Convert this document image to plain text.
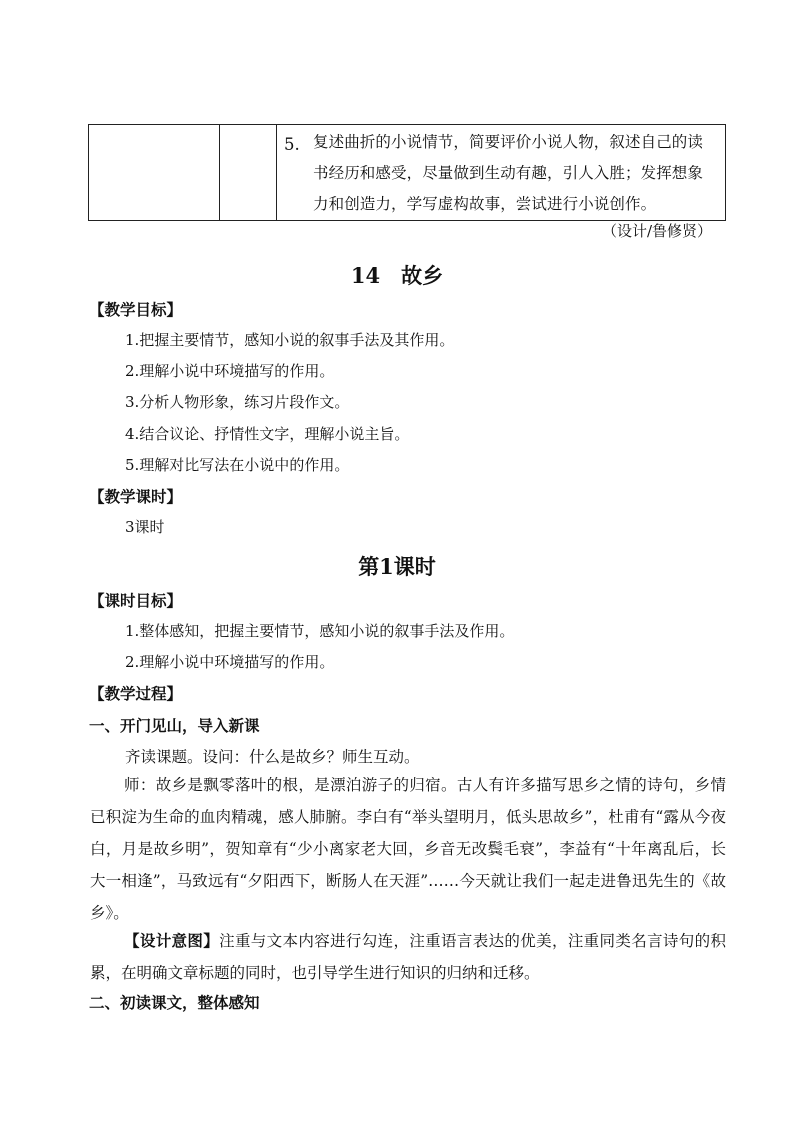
5. 复述曲折的小说情节，简要评价小说人物，叙述自己的读书经历和感受，尽量做到生动有趣，引人入胜；发挥想象力和创造力，学写虚构故事，尝试进行小说创作。
（设计/鲁修贤）
14　故乡
【教学目标】
1.把握主要情节，感知小说的叙事手法及其作用。
2.理解小说中环境描写的作用。
3.分析人物形象，练习片段作文。
4.结合议论、抒情性文字，理解小说主旨。
5.理解对比写法在小说中的作用。
【教学课时】
3课时
第1课时
【课时目标】
1.整体感知，把握主要情节，感知小说的叙事手法及作用。
2.理解小说中环境描写的作用。
【教学过程】
一、开门见山，导入新课
齐读课题。设问：什么是故乡？师生互动。
师：故乡是飘零落叶的根，是漂泊游子的归宿。古人有许多描写思乡之情的诗句，乡情已积淀为生命的血肉精魂，感人肺腑。李白有“举头望明月，低头思故乡”，杜甫有“露从今夜白，月是故乡明”，贺知章有“少小离家老大回，乡音无改鬓毛衰”，李益有“十年离乱后，长大一相逢”，马致远有“夕阳西下，断肠人在天涯”……今天就让我们一起走进鲁迅先生的《故乡》。
【设计意图】注重与文本内容进行勾连，注重语言表达的优美，注重同类名言诗句的积累，在明确文章标题的同时，也引导学生进行知识的归纳和迁移。
二、初读课文，整体感知
